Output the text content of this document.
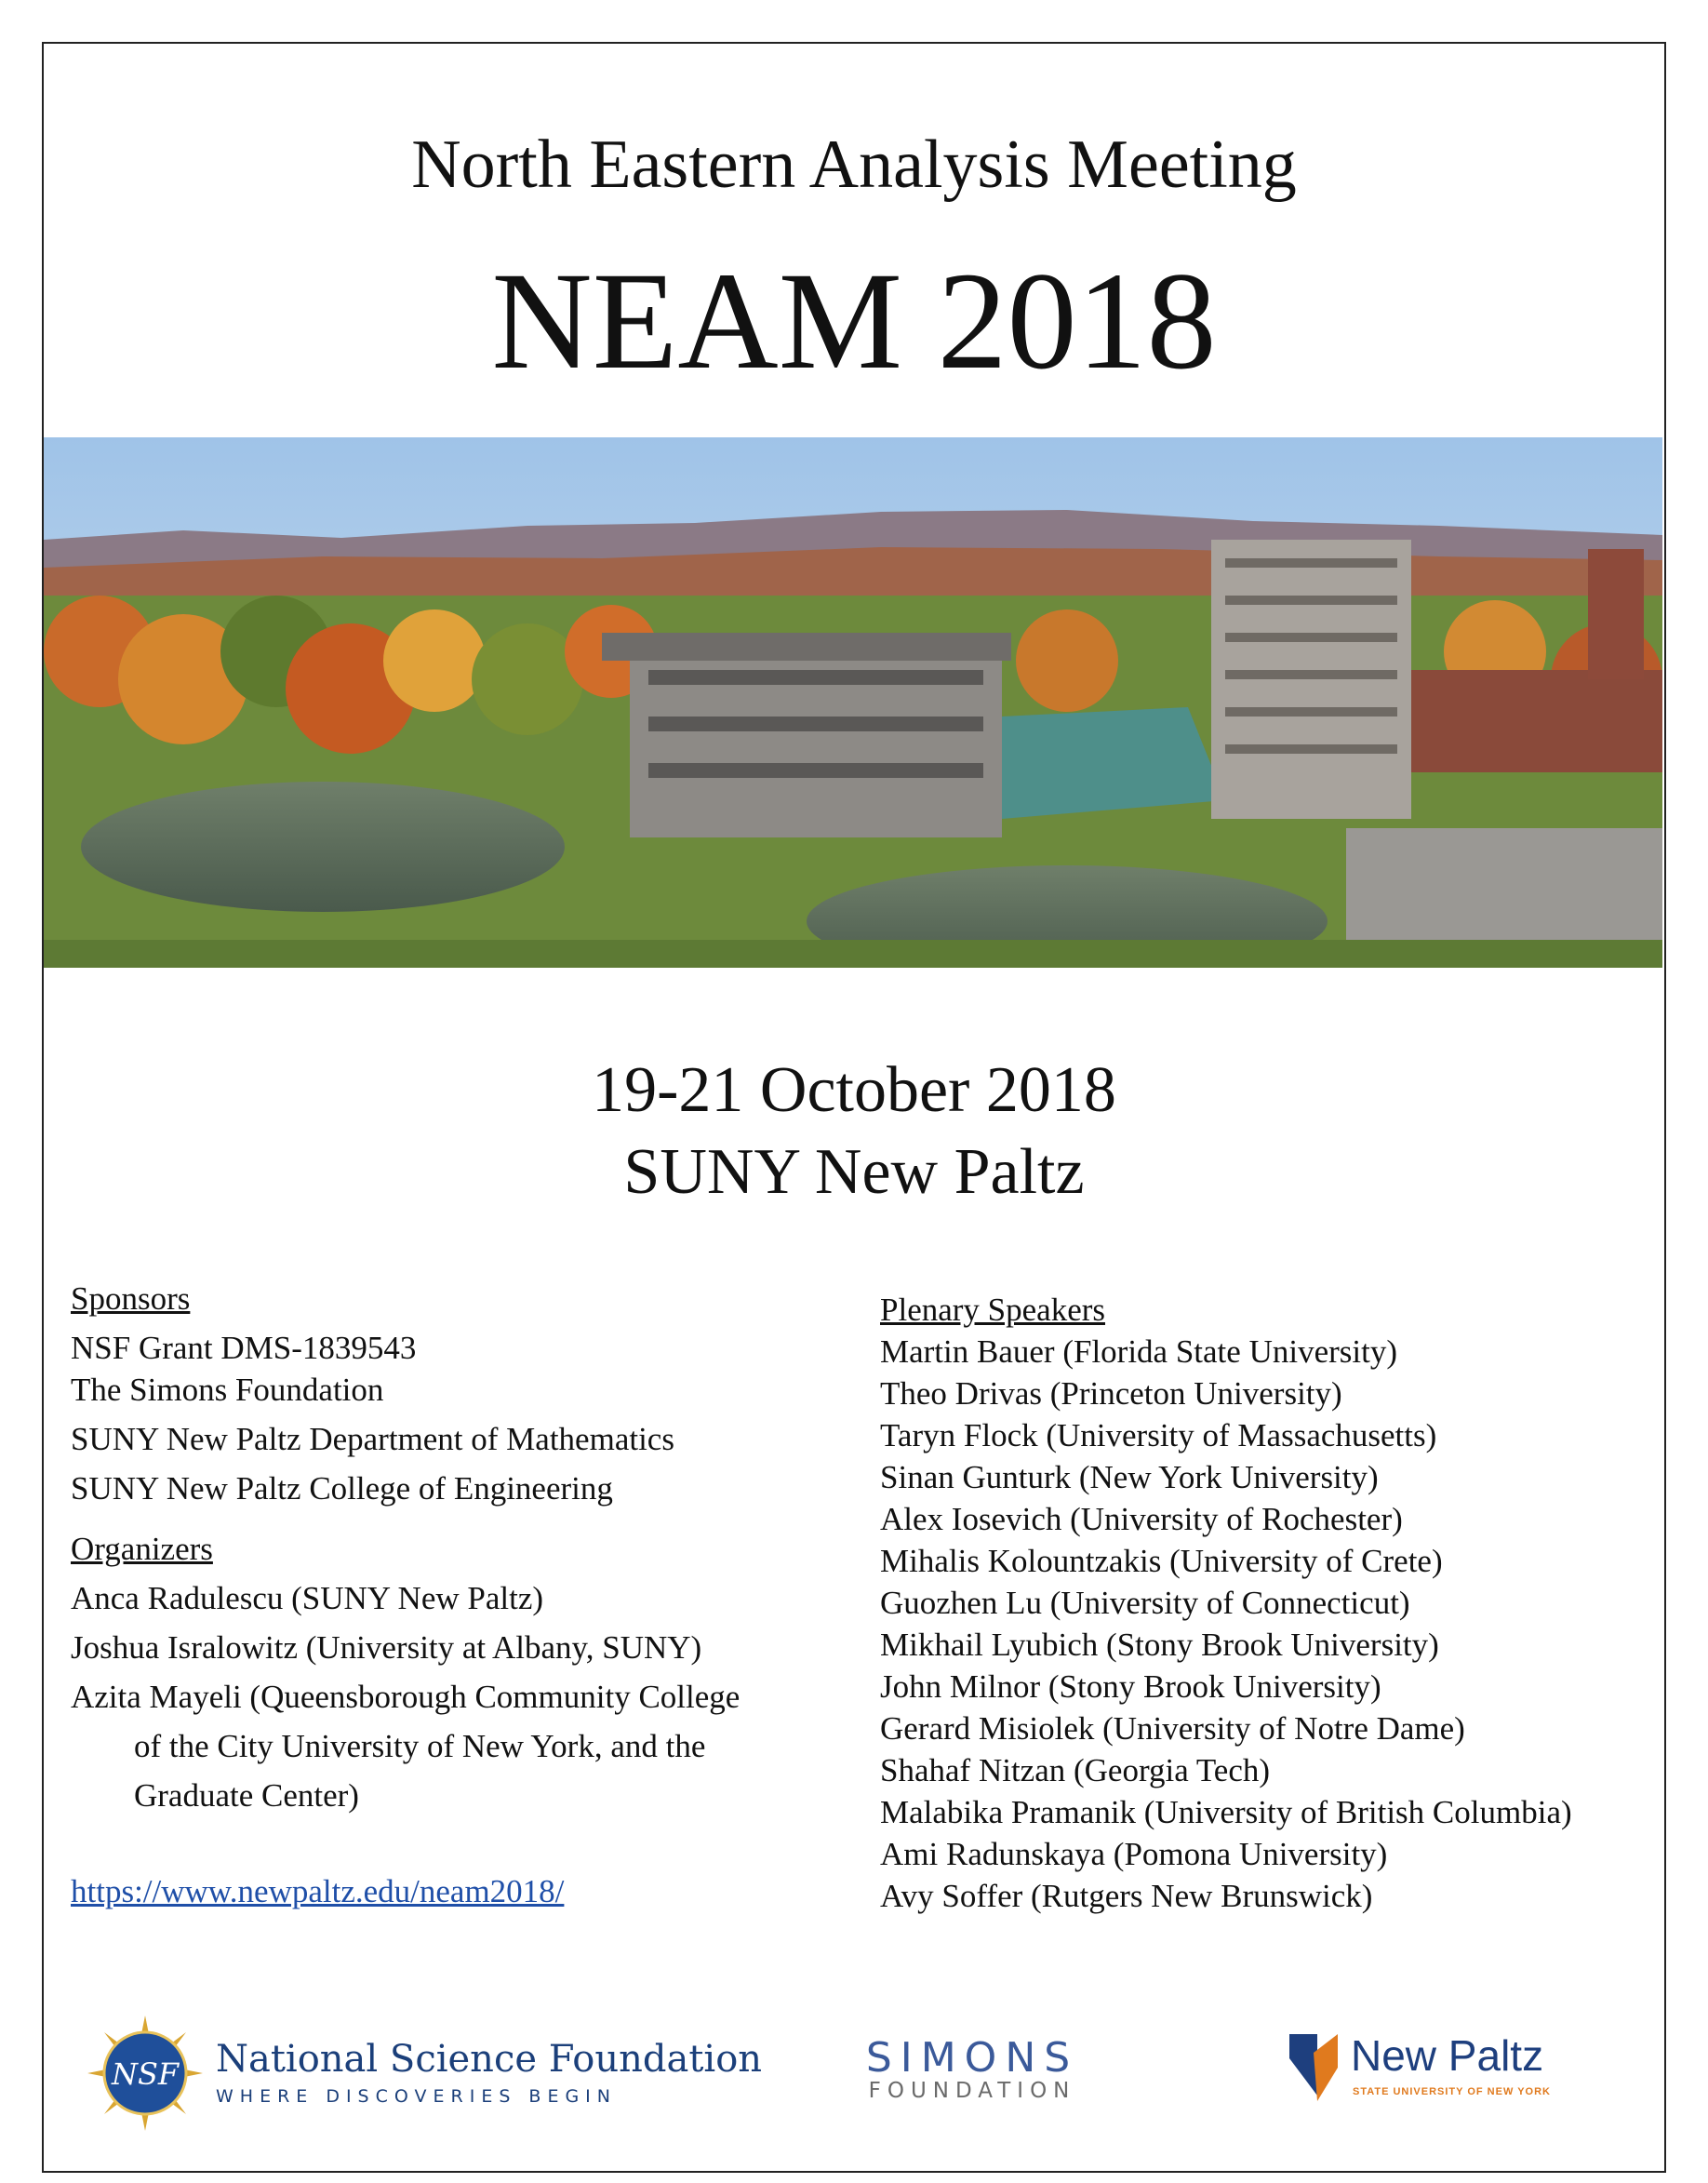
North Eastern Analysis Meeting
NEAM 2018
19-21 October 2018
SUNY New Paltz
Sponsors
NSF Grant DMS-1839543
The Simons Foundation
SUNY New Paltz Department of Mathematics
SUNY New Paltz College of Engineering
Organizers
Anca Radulescu (SUNY New Paltz)
Joshua Isralowitz (University at Albany, SUNY)
Azita Mayeli (Queensborough Community College
of the City University of New York, and the
Graduate Center)
https://www.newpaltz.edu/neam2018/
Plenary Speakers
Martin Bauer (Florida State University)
Theo Drivas (Princeton University)
Taryn Flock (University of Massachusetts)
Sinan Gunturk (New York University)
Alex Iosevich (University of Rochester)
Mihalis Kolountzakis (University of Crete)
Guozhen Lu (University of Connecticut)
Mikhail Lyubich (Stony Brook University)
John Milnor (Stony Brook University)
Gerard Misiolek (University of Notre Dame)
Shahaf Nitzan (Georgia Tech)
Malabika Pramanik (University of British Columbia)
Ami Radunskaya (Pomona University)
Avy Soffer (Rutgers New Brunswick)
NSF National Science Foundation
WHERE DISCOVERIES BEGIN
SIMONS
FOUNDATION
New Paltz
STATE UNIVERSITY OF NEW YORK
